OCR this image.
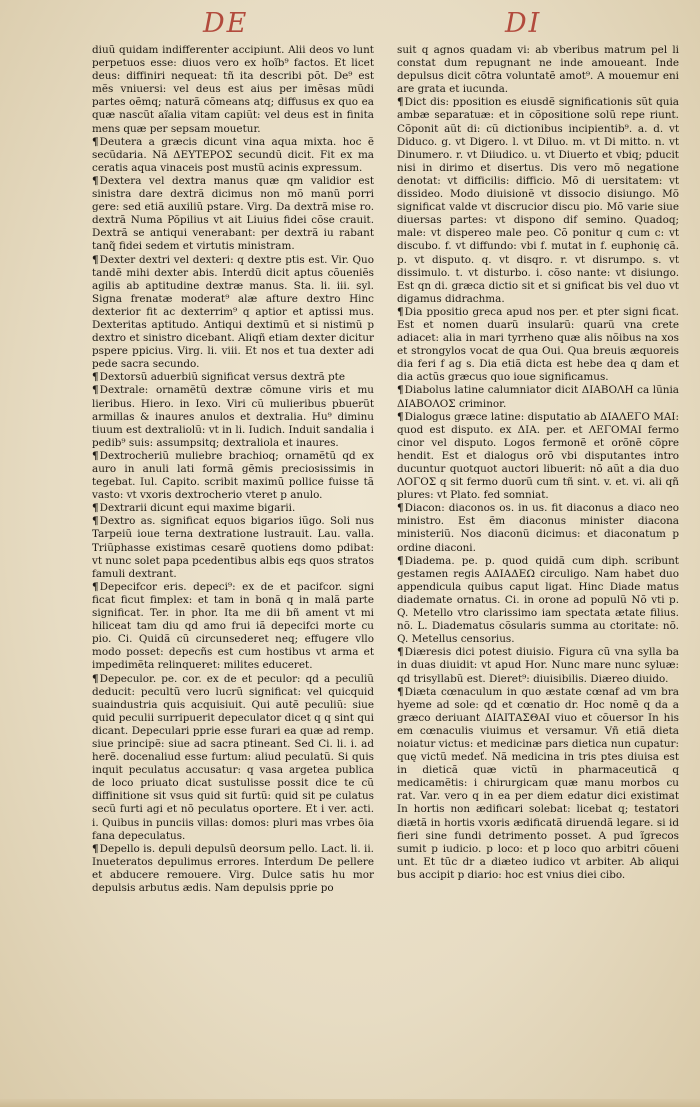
DE	DI

diuũ quidam indifferenter accipiunt. Alii deos vo lunt perpetuos esse: diuos vero ex hoĩb⁹ factos. Et licet deus: diffiniri nequeat: tñ ita describi põt. De⁹ est mẽs vniuersi: vel deus est aius per imẽsas mũdi partes oẽmq; naturã cõmeans atq; diffusus ex quo ea quæ nascũt aĩalia vitam capiũt: vel deus est in finita mens quæ per sepsam mouetur.

¶Deutera a græcis dicunt vina aqua mixta. hoc ẽ secũdaria. Nã ΔΕΥΤΕΡΟΣ secundũ dicit. Fit ex ma ceratis aqua vinaceis post mustũ acinis expressum.

¶Dextera vel dextra manus quæ qm validior est sinistra dare dextrã dicimus non mõ manũ porri gere: sed etiã auxiliũ pstare. Virg. Da dextrã mise ro. dextrã Numa Põpilius vt ait Liuius fidei cõse crauit. Dextrã se antiqui venerabant: per dextrã iu rabant tanq̃ fidei sedem et virtutis ministram.

¶Dexter dextri vel dexteri: q dextre ptis est. Vir. Quo tandẽ mihi dexter abis. Interdũ dicit aptus cõueniẽs agilis ab aptitudine dextræ manus. Sta. li. iii. syl. Signa frenatæ moderat⁹ alæ afture dextro Hinc dexterior fit ac dexterrim⁹ q aptior et aptissi mus. Dexteritas aptitudo. Antiqui dextimũ et si nistimũ p dextro et sinistro dicebant. Aliqñ etiam dexter dicitur pspere ppicius. Virg. li. viii. Et nos et tua dexter adi pede sacra secundo.

¶Dextorsũ aduerbiũ significat versus dextrã pte

¶Dextrale: ornamẽtũ dextræ cõmune viris et mu lieribus. Hiero. in Iexo. Viri cũ mulieribus pbuerũt armillas & inaures anulos et dextralia. Hu⁹ diminu tiuum est dextraliolũ: vt in li. Iudich. Induit sandalia i pedib⁹ suis: assumpsitq; dextraliola et inaures.

¶Dextrocheriũ muliebre brachioq; ornamẽtũ qd ex auro in anuli lati formã gẽmis preciosissimis in tegebat. Iul. Capito. scribit maximũ pollice fuisse tã vasto: vt vxoris dextrocherio vteret p anulo.

¶Dextrarii dicunt equi maxime bigarii.

¶Dextro as. significat equos bigarios iũgo. Soli nus Tarpeiũ ioue terna dextratione lustrauit. Lau. valla. Triũphasse existimas cesarẽ quotiens domo pdibat: vt nunc solet papa pcedentibus albis eqs quos stratos famuli dextrant.

¶Depecifcor eris. depeci⁹: ex de et pacifcor. signi ficat ficut fimplex: et tam in bonã q in malã parte significat. Ter. in phor. Ita me dii bñ ament vt mi hiliceat tam diu qd amo frui iã depecifci morte cu pio. Ci. Quidã cũ circunsederet neq; effugere vllo modo posset: depecñs est cum hostibus vt arma et impedimẽta relinqueret: milites educeret.

¶Depeculor. pe. cor. ex de et peculor: qd a peculiũ deducit: pecultũ vero lucrũ significat: vel quicquid suaindustria quis acquisiuit. Qui autẽ peculiũ: siue quid peculii surripuerit depeculator dicet q q sint qui dicant. Depeculari pprie esse furari ea quæ ad remp. siue principẽ: siue ad sacra ptineant. Sed Ci. li. i. ad herẽ. docenaliud esse furtum: aliud peculatũ. Si quis inquit peculatus accusatur: q vasa argetea publica de loco priuato dicat sustulisse possit dice te cũ diffinitione sit vsus quid sit furtũ: quid sit pe culatus secũ furti agi et nõ peculatus oportere. Et i ver. acti. i. Quibus in punciis villas: domos: pluri mas vrbes õia fana depeculatus.

¶Depello is. depuli depulsũ deorsum pello. Lact. li. ii. Inueteratos depulimus errores. Interdum De pellere et abducere remouere. Virg. Dulce satis hu mor depulsis arbutus ædis. Nam depulsis pprie po

suit q agnos quadam vi: ab vberibus matrum pel li constat dum repugnant ne inde amoueant. Inde depulsus dicit cõtra voluntatẽ amot⁹. A mouemur eni are grata et iucunda.

¶Dict dis: pposition es eiusdẽ significationis sũt quia ambæ separatuæ: et in cõpositione solũ repe riunt. Cõponit aũt di: cũ dictionibus incipientib⁹. a. d. vt Diduco. g. vt Digero. l. vt Diluo. m. vt Di mitto. n. vt Dinumero. r. vt Diiudico. u. vt Diuerto et vbiq; pducit nisi in dirimo et disertus. Dis vero mõ negatione denotat: vt difficilis: difficio. Mõ di uersitatem: vt dissideo. Modo diuisionẽ vt dissocio disiungo. Mõ significat valde vt discrucior discu pio. Mõ varie siue diuersas partes: vt dispono dif semino. Quadoq; male: vt dispereo male peo. Cõ ponitur q cum c: vt discubo. f. vt diffundo: vbi f. mutat in f. euphonię cã. p. vt disputo. q. vt disqro. r. vt disrumpo. s. vt dissimulo. t. vt disturbo. i. cõso nante: vt disiungo. Est qn di. græca dictio sit et si gnificat bis vel duo vt digamus didrachma.

¶Dia ppositio greca apud nos per. et pter signi ficat. Est et nomen duarũ insularũ: quarũ vna crete adiacet: alia in mari tyrrheno quæ alis nõibus na xos et strongylos vocat de qua Oui. Qua breuis æquoreis dia feri f ag s. Dia etiã dicta est hebe dea q dam et dia actũs græcus quo ioue significamus.

¶Diabolus latine calumniator dicit ΔΙΑΒΟΛΗ ca lũnia ΔΙΑΒΟΛΟΣ criminor.

¶Dialogus græce latine: disputatio ab ΔΙΑΛΕΓΟ ΜΑΙ: quod est disputo. ex ΔΙΑ. per. et ΛΕΓΟΜΑΙ fermo cinor vel disputo. Logos fermonẽ et orõnẽ cõpre hendit. Est et dialogus orõ vbi disputantes intro ducuntur quotquot auctori libuerit: nõ aũt a dia duo ΛΟΓΟΣ q sit fermo duorũ cum tñ sint. v. et. vi. ali qñ plures: vt Plato. fed somniat.

¶Diacon: diaconos os. in us. fit diaconus a diaco neo ministro. Est ẽm diaconus minister diacona ministeriũ. Nos diaconũ dicimus: et diaconatum p ordine diaconi.

¶Diadema. pe. p. quod quidã cum diph. scribunt gestamen regis ΑΔΙΑΔΕΩ circuligo. Nam habet duo appendicula quibus caput ligat. Hinc Diade matus diademate ornatus. Ci. in orone ad populũ Nõ vti p. Q. Metello vtro clarissimo iam spectata ætate filius. nõ. L. Diadematus cõsularis summa au ctoritate: nõ. Q. Metellus censorius.

¶Diæresis dici potest diuisio. Figura cũ vna sylla ba in duas diuidit: vt apud Hor. Nunc mare nunc syluæ: qd trisyllabũ est. Dieret⁹: diuisibilis. Diæreo diuido.

¶Diæta cœnaculum in quo æstate cœnaf ad vm bra hyeme ad sole: qd et cœnatio dr. Hoc nomẽ q da a græco deriuant ΔΙΑΙΤΑΣΘΑΙ viuo et cõuersor In his em cœnaculis viuimus et versamur. Vñ etiã dieta noiatur victus: et medicinæ pars dietica nun cupatur: quę victũ medeť. Nã medicina in tris ptes diuisa est in dieticã quæ victũ in pharmaceuticã q medicamẽtis: i chirurgicam quæ manu morbos cu rat. Var. vero q in ea per diem edatur dici existimat In hortis non ædificari solebat: licebat q; testatori diætã in hortis vxoris ædificatã diruendã legare. si id fieri sine fundi detrimento posset. A pud ĩgrecos sumit p iudicio. p loco: et p loco quo arbitri cõueni unt. Et tũc dr a diæteo iudico vt arbiter. Ab aliqui bus accipit p diario: hoc est vnius diei cibo.
